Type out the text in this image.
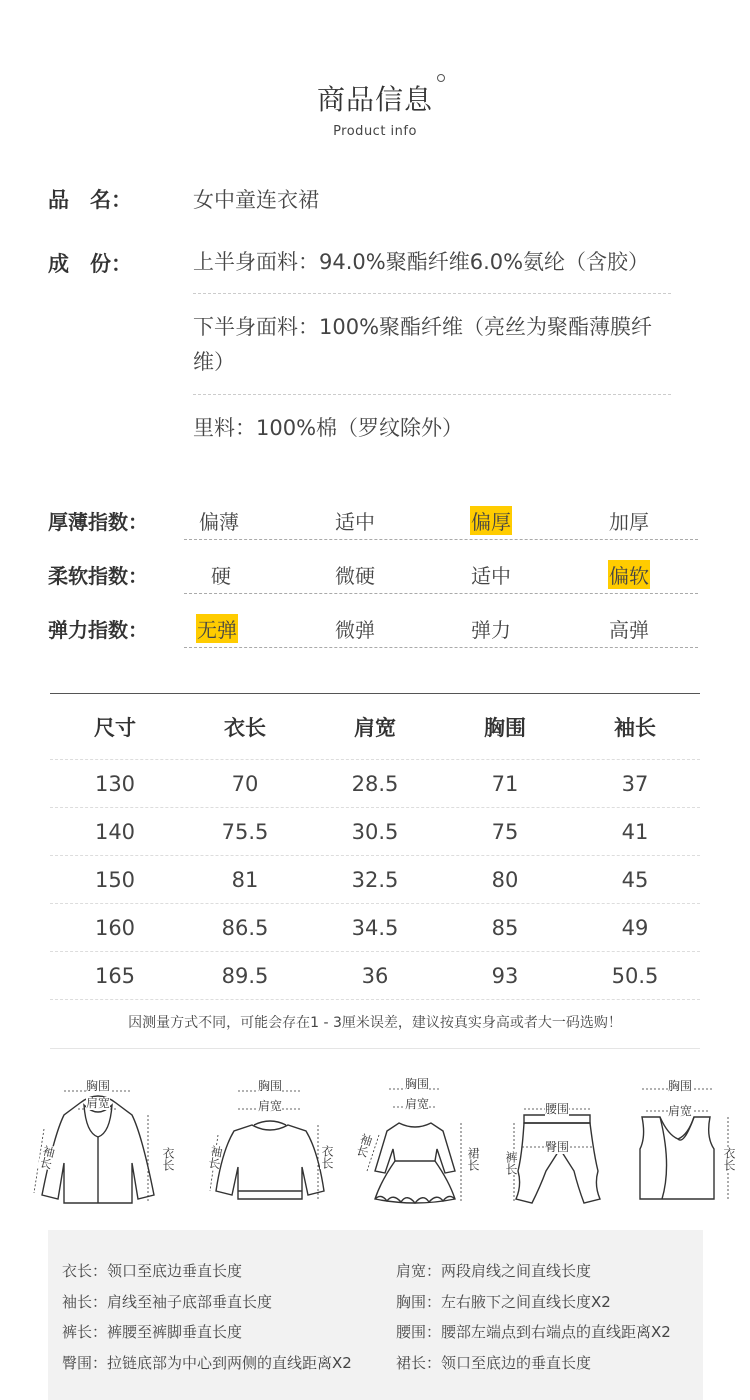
商品信息
Product info
品　名：	女中童连衣裙
成　份：	上半身面料：94.0%聚酯纤维6.0%氨纶（含胶）
下半身面料：100%聚酯纤维（亮丝为聚酯薄膜纤
维）
里料：100%棉（罗纹除外）
厚薄指数：	偏薄	适中	偏厚	加厚
柔软指数：	硬	微硬	适中	偏软
弹力指数： 无弹	微弹	弹力	高弹
尺寸	衣长	肩宽	胸围	袖长
130	70	28.5	71	37
140	75.5	30.5	75	41
150	81	32.5	80	45
160	86.5	34.5	85	49
165	89.5	36	93	50.5
因测量方式不同，可能会存在1 - 3厘米误差，建议按真实身高或者大一码选购！
胸围
肩宽
袖长	衣长
胸围
肩宽
袖长	衣长
胸围
肩宽
袖长
裙长
腰围
臀围
裤长
胸围
肩宽
衣长
衣长：领口至底边垂直长度	肩宽：两段肩线之间直线长度
袖长：肩线至袖子底部垂直长度	胸围：左右腋下之间直线长度X2
裤长：裤腰至裤脚垂直长度	腰围：腰部左端点到右端点的直线距离X2
臀围：拉链底部为中心到两侧的直线距离X2	裙长：领口至底边的垂直长度
